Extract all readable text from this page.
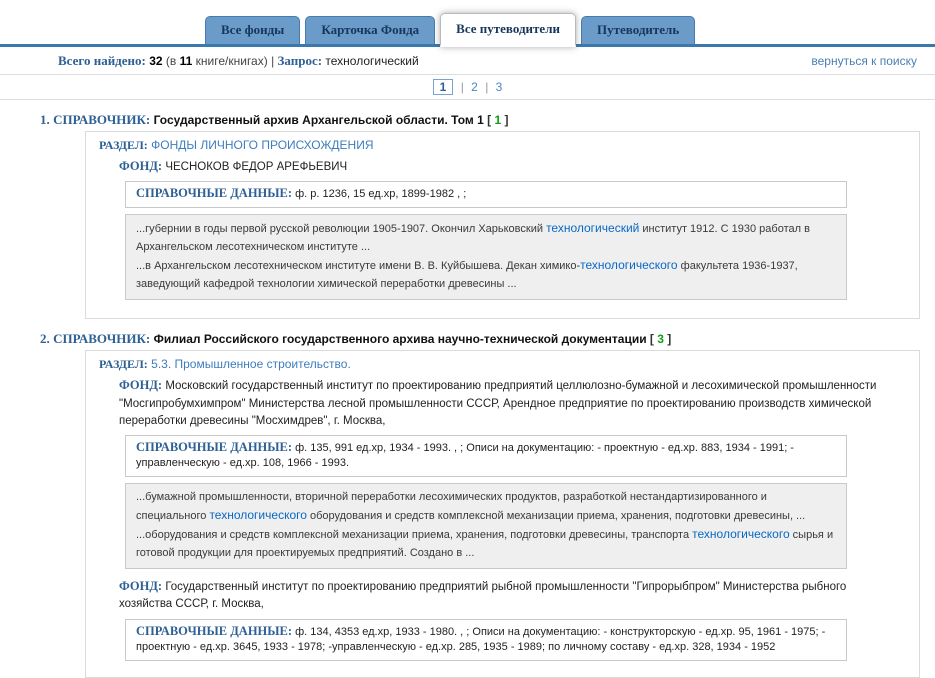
Все фонды	Карточка Фонда	Все путеводители	Путеводитель
Всего найдено: 32 (в 11 книге/книгах) | Запрос: технологический	вернуться к поиску
1 | 2 | 3
1. СПРАВОЧНИК: Государственный архив Архангельской области. Том 1 [ 1 ]
РАЗДЕЛ: ФОНДЫ ЛИЧНОГО ПРОИСХОЖДЕНИЯ
ФОНД: ЧЕСНОКОВ ФЕДОР АРЕФЬЕВИЧ
СПРАВОЧНЫЕ ДАННЫЕ: ф. р. 1236, 15 ед.хр, 1899-1982 , ;

...губернии в годы первой русской революции 1905-1907. Окончил Харьковский технологический институт 1912. С 1930 работал в Архангельском лесотехническом институте ...

...в Архангельском лесотехническом институте имени В. В. Куйбышева. Декан химико-технологического факультета 1936-1937, заведующий кафедрой технологии химической переработки древесины ...

2. СПРАВОЧНИК: Филиал Российского государственного архива научно-технической документации [ 3 ]
РАЗДЕЛ: 5.3. Промышленное строительство.
ФОНД: Московский государственный институт по проектированию предприятий целлюлозно-бумажной и лесохимической промышленности "Мосгипробумхимпром" Министерства лесной промышленности СССР, Арендное предприятие по проектированию производств химической переработки древесины "Мосхимдрев", г. Москва,
СПРАВОЧНЫЕ ДАННЫЕ: ф. 135, 991 ед.хр, 1934 - 1993. , ; Описи на документацию: - проектную - ед.хр. 883, 1934 - 1991; - управленческую - ед.хр. 108, 1966 - 1993.

...бумажной промышленности, вторичной переработки лесохимических продуктов, разработкой нестандартизированного и специального технологического оборудования и средств комплексной механизации приема, хранения, подготовки древесины, ...

...оборудования и средств комплексной механизации приема, хранения, подготовки древесины, транспорта технологического сырья и готовой продукции для проектируемых предприятий. Создано в ...

ФОНД: Государственный институт по проектированию предприятий рыбной промышленности "Гипрорыбпром" Министерства рыбного хозяйства СССР, г. Москва,
СПРАВОЧНЫЕ ДАННЫЕ: ф. 134, 4353 ед.хр, 1933 - 1980. , ; Описи на документацию: - конструкторскую - ед.хр. 95, 1961 - 1975; - проектную - ед.хр. 3645, 1933 - 1978; -управленческую - ед.хр. 285, 1935 - 1989; по личному составу - ед.хр. 328, 1934 - 1952
